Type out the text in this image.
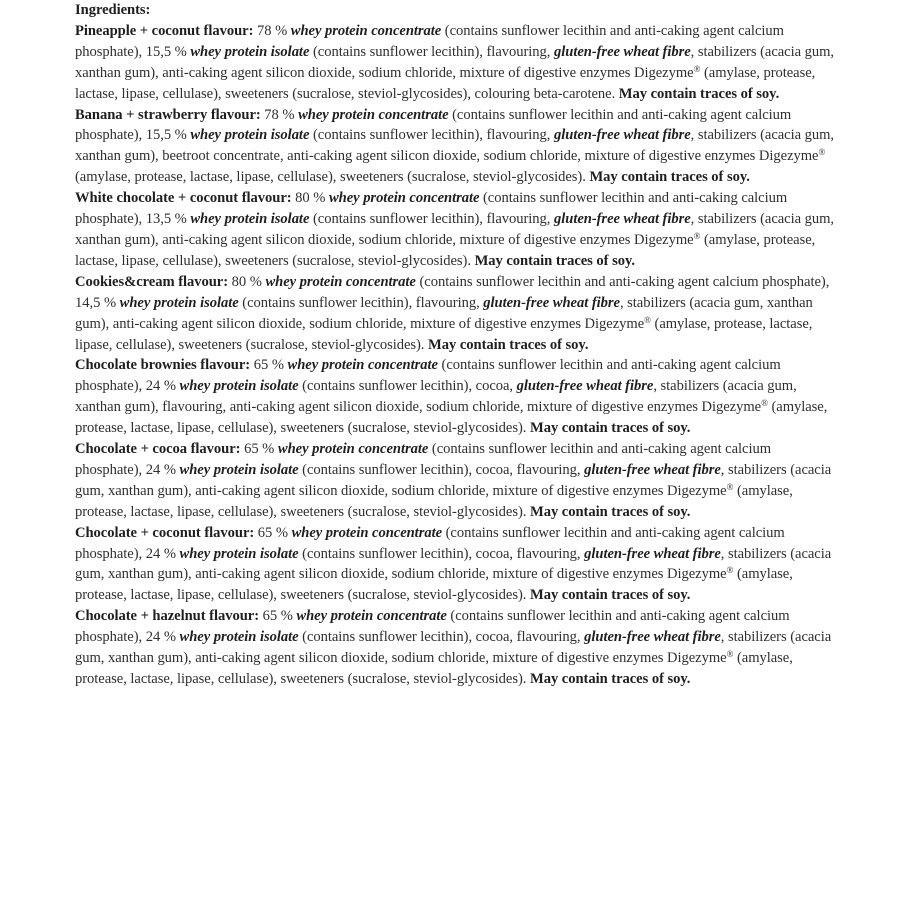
Ingredients:

Pineapple + coconut flavour: 78 % whey protein concentrate (contains sunflower lecithin and anti-caking agent calcium phosphate), 15,5 % whey protein isolate (contains sunflower lecithin), flavouring, gluten-free wheat fibre, stabilizers (acacia gum, xanthan gum), anti-caking agent silicon dioxide, sodium chloride, mixture of digestive enzymes Digezyme® (amylase, protease, lactase, lipase, cellulase), sweeteners (sucralose, steviol-glycosides), colouring beta-carotene. May contain traces of soy.

Banana + strawberry flavour: 78 % whey protein concentrate (contains sunflower lecithin and anti-caking agent calcium phosphate), 15,5 % whey protein isolate (contains sunflower lecithin), flavouring, gluten-free wheat fibre, stabilizers (acacia gum, xanthan gum), beetroot concentrate, anti-caking agent silicon dioxide, sodium chloride, mixture of digestive enzymes Digezyme® (amylase, protease, lactase, lipase, cellulase), sweeteners (sucralose, steviol-glycosides). May contain traces of soy.

White chocolate + coconut flavour: 80 % whey protein concentrate (contains sunflower lecithin and anti-caking calcium phosphate), 13,5 % whey protein isolate (contains sunflower lecithin), flavouring, gluten-free wheat fibre, stabilizers (acacia gum, xanthan gum), anti-caking agent silicon dioxide, sodium chloride, mixture of digestive enzymes Digezyme® (amylase, protease, lactase, lipase, cellulase), sweeteners (sucralose, steviol-glycosides). May contain traces of soy.

Cookies&cream flavour: 80 % whey protein concentrate (contains sunflower lecithin and anti-caking agent calcium phosphate), 14,5 % whey protein isolate (contains sunflower lecithin), flavouring, gluten-free wheat fibre, stabilizers (acacia gum, xanthan gum), anti-caking agent silicon dioxide, sodium chloride, mixture of digestive enzymes Digezyme® (amylase, protease, lactase, lipase, cellulase), sweeteners (sucralose, steviol-glycosides). May contain traces of soy.

Chocolate brownies flavour: 65 % whey protein concentrate (contains sunflower lecithin and anti-caking agent calcium phosphate), 24 % whey protein isolate (contains sunflower lecithin), cocoa, gluten-free wheat fibre, stabilizers (acacia gum, xanthan gum), flavouring, anti-caking agent silicon dioxide, sodium chloride, mixture of digestive enzymes Digezyme® (amylase, protease, lactase, lipase, cellulase), sweeteners (sucralose, steviol-glycosides). May contain traces of soy.

Chocolate + cocoa flavour: 65 % whey protein concentrate (contains sunflower lecithin and anti-caking agent calcium phosphate), 24 % whey protein isolate (contains sunflower lecithin), cocoa, flavouring, gluten-free wheat fibre, stabilizers (acacia gum, xanthan gum), anti-caking agent silicon dioxide, sodium chloride, mixture of digestive enzymes Digezyme® (amylase, protease, lactase, lipase, cellulase), sweeteners (sucralose, steviol-glycosides). May contain traces of soy.

Chocolate + coconut flavour: 65 % whey protein concentrate (contains sunflower lecithin and anti-caking agent calcium phosphate), 24 % whey protein isolate (contains sunflower lecithin), cocoa, flavouring, gluten-free wheat fibre, stabilizers (acacia gum, xanthan gum), anti-caking agent silicon dioxide, sodium chloride, mixture of digestive enzymes Digezyme® (amylase, protease, lactase, lipase, cellulase), sweeteners (sucralose, steviol-glycosides). May contain traces of soy.

Chocolate + hazelnut flavour: 65 % whey protein concentrate (contains sunflower lecithin and anti-caking agent calcium phosphate), 24 % whey protein isolate (contains sunflower lecithin), cocoa, flavouring, gluten-free wheat fibre, stabilizers (acacia gum, xanthan gum), anti-caking agent silicon dioxide, sodium chloride, mixture of digestive enzymes Digezyme® (amylase, protease, lactase, lipase, cellulase), sweeteners (sucralose, steviol-glycosides). May contain traces of soy.
